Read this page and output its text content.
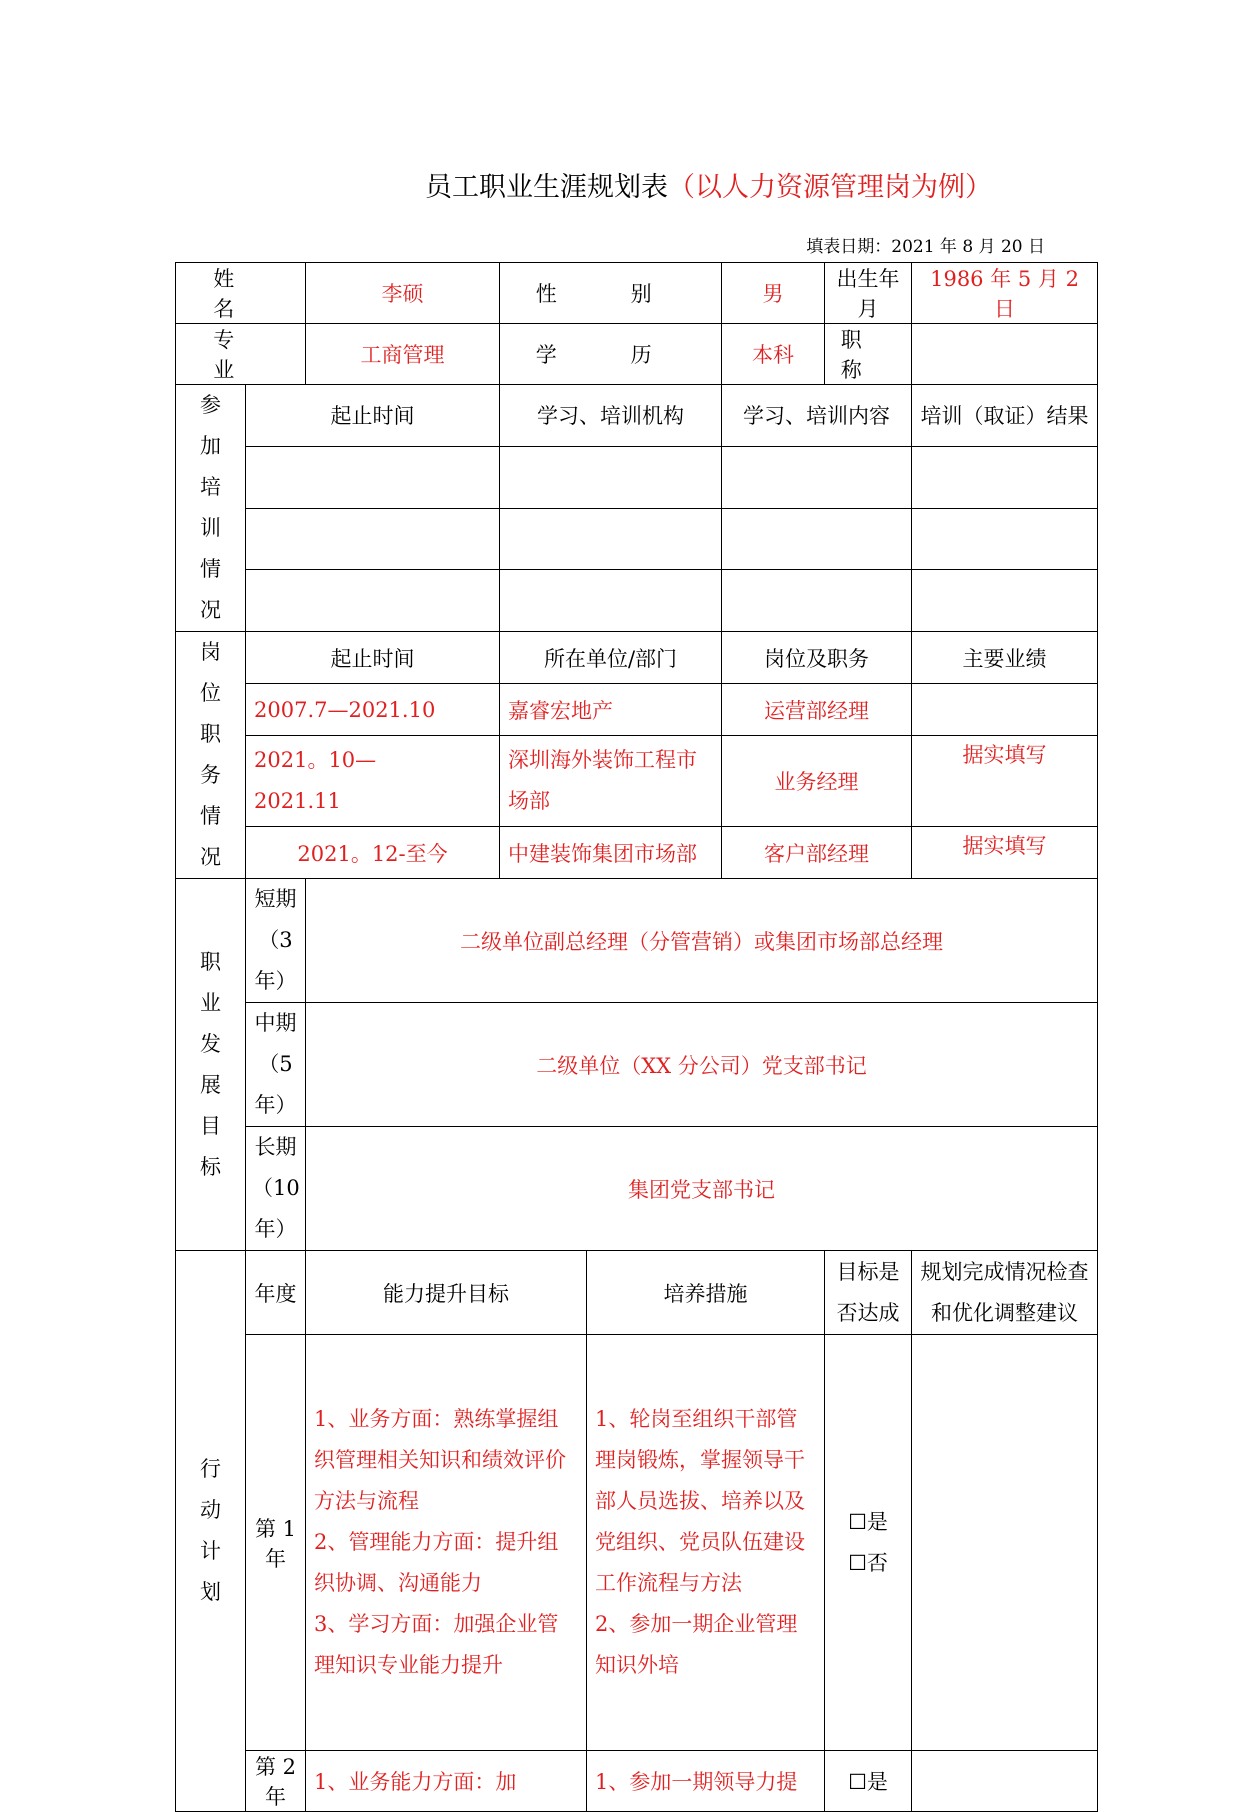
员工职业生涯规划表（以人力资源管理岗为例）
填表日期：2021 年 8 月 20 日
姓 名		李硕	性 别		男	出生年月	1986 年 5 月 2 日
专 业		工商管理	学 历		本科	职 称	
参加培训情况	起止时间		学习、培训机构		学习、培训内容		培训（取证）结果

岗位职务情况	起止时间		所在单位/部门		岗位及职务		主要业绩
	2007.7—2021.10		嘉睿宏地产		运营部经理		
	2021。10—2021.11		深圳海外装饰工程市场部		业务经理		据实填写
	2021。12-至今		中建装饰集团市场部		客户部经理		据实填写
职业发展目标	短期（3 年）	二级单位副总经理（分管营销）或集团市场部总经理					
	中期（5 年）	二级单位（XX 分公司）党支部书记					
	长期（10 年）	集团党支部书记					
行动计划	年度	能力提升目标		培养措施		目标是否达成	规划完成情况检查和优化调整建议
	第 1 年	1、业务方面：熟练掌握组织管理相关知识和绩效评价方法与流程
2、管理能力方面：提升组织协调、沟通能力
3、学习方面：加强企业管理知识专业能力提升		1、轮岗至组织干部管理岗锻炼，掌握领导干部人员选拔、培养以及党组织、党员队伍建设工作流程与方法
2、参加一期企业管理知识外培		☐是
☐否	

	第 2 年	1、业务能力方面：加		1、参加一期领导力提		☐是	
